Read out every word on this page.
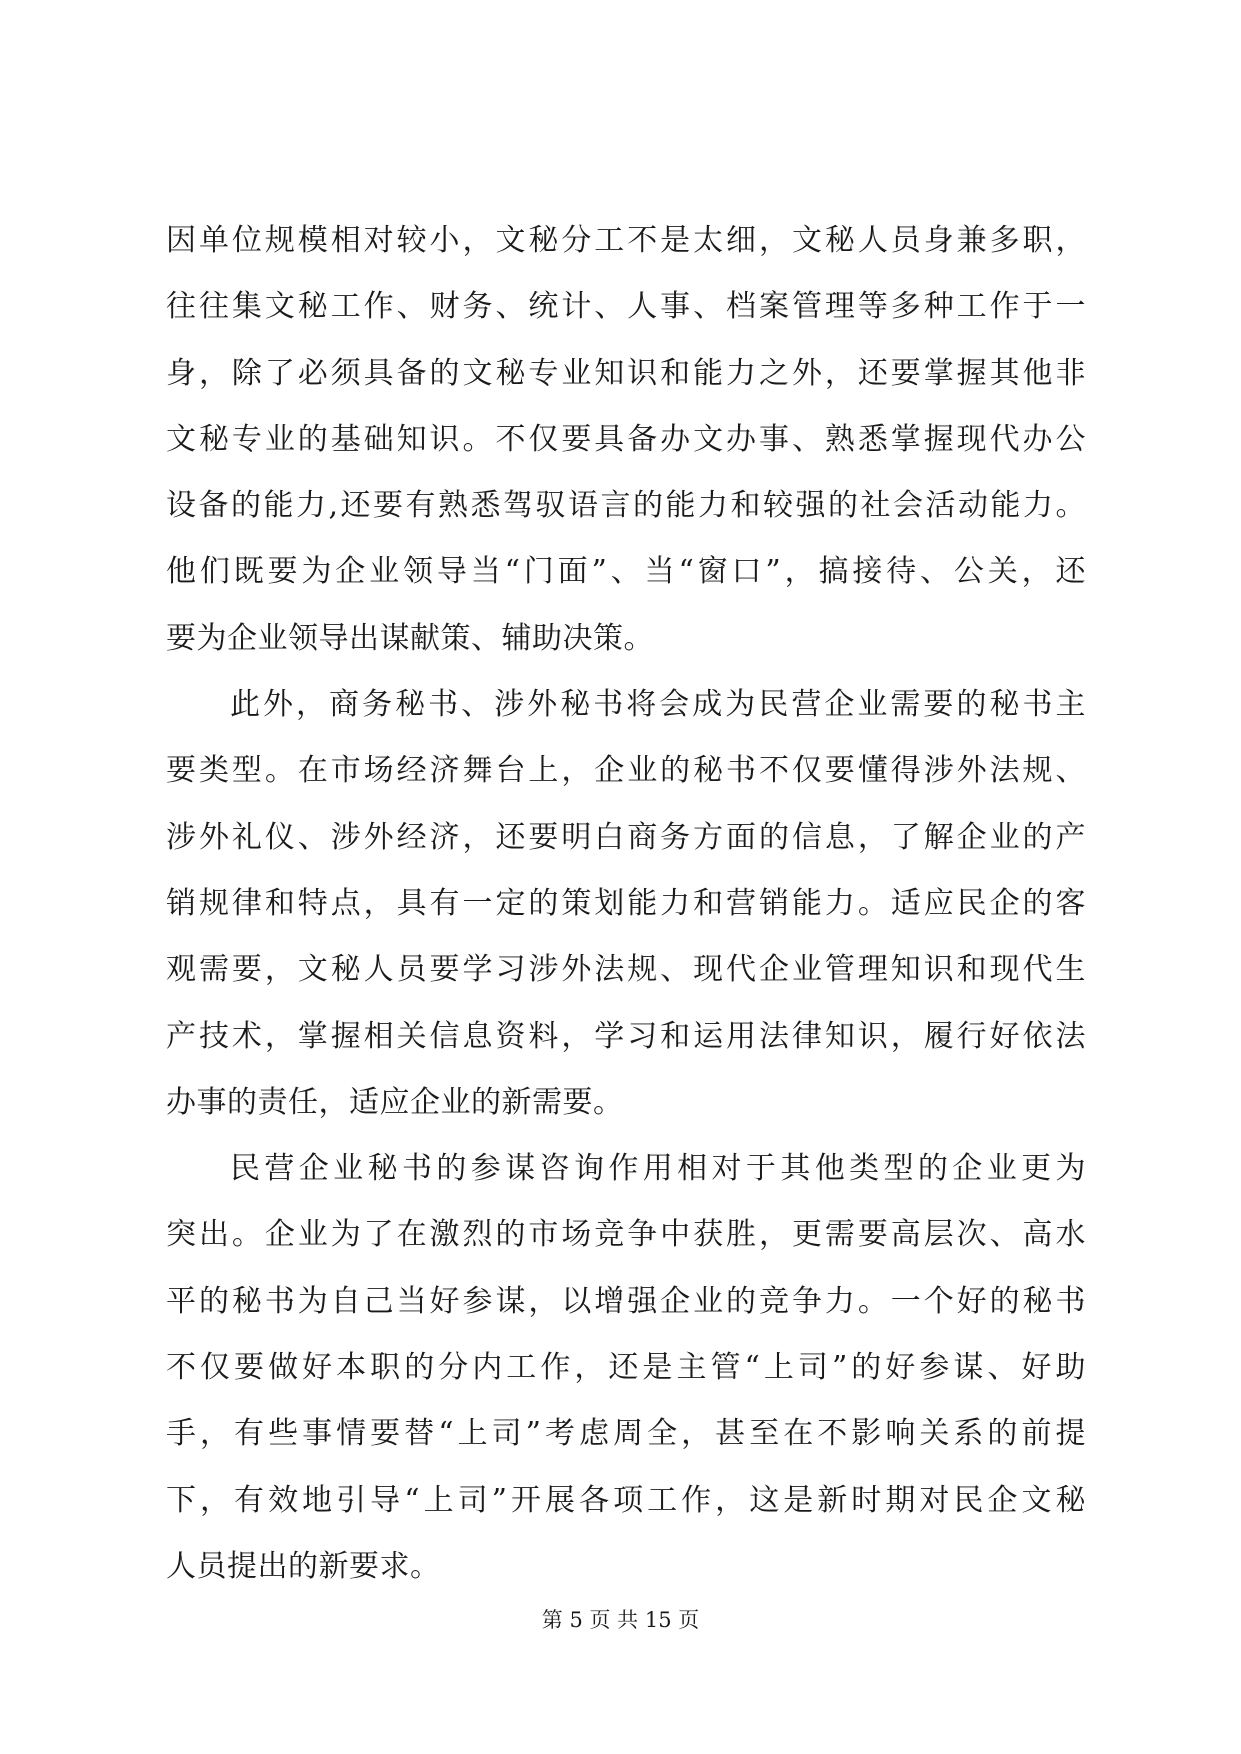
因单位规模相对较小，文秘分工不是太细，文秘人员身兼多职，
往往集文秘工作、财务、统计、人事、档案管理等多种工作于一
身，除了必须具备的文秘专业知识和能力之外，还要掌握其他非
文秘专业的基础知识。不仅要具备办文办事、熟悉掌握现代办公
设备的能力,还要有熟悉驾驭语言的能力和较强的社会活动能力。
他们既要为企业领导当“门面”、当“窗口”，搞接待、公关，还
要为企业领导出谋献策、辅助决策。
此外，商务秘书、涉外秘书将会成为民营企业需要的秘书主
要类型。在市场经济舞台上，企业的秘书不仅要懂得涉外法规、
涉外礼仪、涉外经济，还要明白商务方面的信息，了解企业的产
销规律和特点，具有一定的策划能力和营销能力。适应民企的客
观需要，文秘人员要学习涉外法规、现代企业管理知识和现代生
产技术，掌握相关信息资料，学习和运用法律知识，履行好依法
办事的责任，适应企业的新需要。
民营企业秘书的参谋咨询作用相对于其他类型的企业更为
突出。企业为了在激烈的市场竞争中获胜，更需要高层次、高水
平的秘书为自己当好参谋，以增强企业的竞争力。一个好的秘书
不仅要做好本职的分内工作，还是主管“上司”的好参谋、好助
手，有些事情要替“上司”考虑周全，甚至在不影响关系的前提
下，有效地引导“上司”开展各项工作，这是新时期对民企文秘
人员提出的新要求。
第 5 页 共 15 页
